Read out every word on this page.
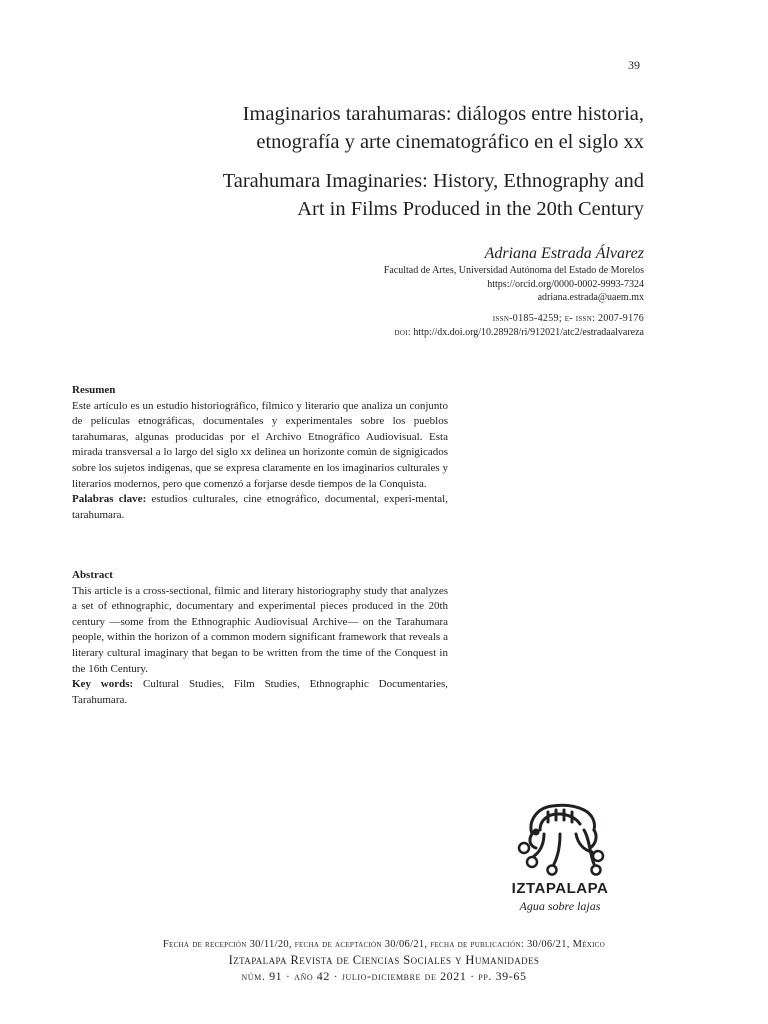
39
Imaginarios tarahumaras: diálogos entre historia,
etnografía y arte cinematográfico en el siglo xx
Tarahumara Imaginaries: History, Ethnography and
Art in Films Produced in the 20th Century
Adriana Estrada Álvarez
Facultad de Artes, Universidad Autónoma del Estado de Morelos
https://orcid.org/0000-0002-9993-7324
adriana.estrada@uaem.mx
issn-0185-4259; e- issn: 2007-9176
doi: http://dx.doi.org/10.28928/ri/912021/atc2/estradaalvareza
Resumen
Este artículo es un estudio historiográfico, fílmico y literario que analiza un conjunto de películas etnográficas, documentales y experimentales sobre los pueblos tarahumaras, algunas producidas por el Archivo Etnográfico Audiovisual. Esta mirada transversal a lo largo del siglo xx delinea un horizonte común de signigicados sobre los sujetos indígenas, que se expresa claramente en los imaginarios culturales y literarios modernos, pero que comenzó a forjarse desde tiempos de la Conquista.
Palabras clave: estudios culturales, cine etnográfico, documental, experi-mental, tarahumara.
Abstract
This article is a cross-sectional, filmic and literary historiography study that analyzes a set of ethnographic, documentary and experimental pieces produced in the 20th century —some from the Ethnographic Audiovisual Archive— on the Tarahumara people, within the horizon of a common modern significant framework that reveals a literary cultural imaginary that began to be written from the time of the Conquest in the 16th Century.
Key words: Cultural Studies, Film Studies, Ethnographic Documentaries, Tarahumara.
IZTAPALAPA
Agua sobre lajas
Fecha de recepción 30/11/20, fecha de aceptación 30/06/21, fecha de publicación: 30/06/21, México
Iztapalapa Revista de Ciencias Sociales y Humanidades
núm. 91 · año 42 · julio-diciembre de 2021 · pp. 39-65
